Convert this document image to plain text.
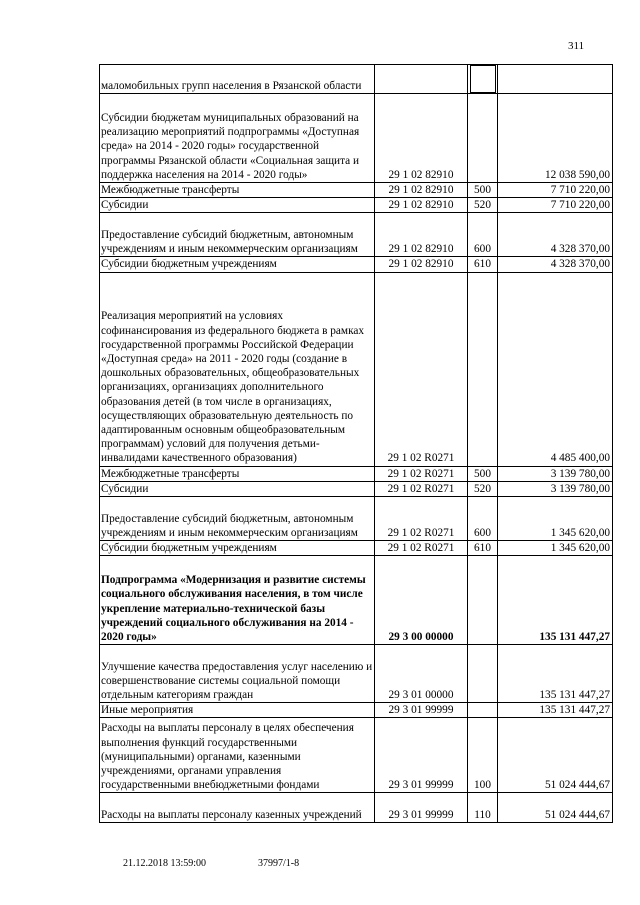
311
маломобильных групп населения в Рязанской области		

Субсидии бюджетам муниципальных образований на реализацию мероприятий подпрограммы «Доступная среда» на 2014 - 2020 годы» государственной программы Рязанской области «Социальная защита и поддержка населения на 2014 - 2020 годы»	29 1 02 82910		12 038 590,00
Межбюджетные трансферты	29 1 02 82910	500	7 710 220,00
Субсидии	29 1 02 82910	520	7 710 220,00
Предоставление субсидий бюджетным, автономным учреждениям и иным некоммерческим организациям	29 1 02 82910	600	4 328 370,00
Субсидии бюджетным учреждениям	29 1 02 82910	610	4 328 370,00
Реализация мероприятий на условиях софинансирования из федерального бюджета в рамках государственной программы Российской Федерации «Доступная среда» на 2011 - 2020 годы (создание в дошкольных образовательных, общеобразовательных организациях, организациях дополнительного образования детей (в том числе в организациях, осуществляющих образовательную деятельность по адаптированным основным общеобразовательным программам) условий для получения детьми-инвалидами качественного образования)	29 1 02 R0271		4 485 400,00
Межбюджетные трансферты	29 1 02 R0271	500	3 139 780,00
Субсидии	29 1 02 R0271	520	3 139 780,00
Предоставление субсидий бюджетным, автономным учреждениям и иным некоммерческим организациям	29 1 02 R0271	600	1 345 620,00
Субсидии бюджетным учреждениям	29 1 02 R0271	610	1 345 620,00
Подпрограмма «Модернизация и развитие системы социального обслуживания населения, в том числе укрепление материально-технической базы учреждений социального обслуживания на 2014 - 2020 годы»	29 3 00 00000		135 131 447,27
Улучшение качества предоставления услуг населению и совершенствование системы социальной помощи отдельным категориям граждан	29 3 01 00000		135 131 447,27
Иные мероприятия	29 3 01 99999		135 131 447,27
Расходы на выплаты персоналу в целях обеспечения выполнения функций государственными (муниципальными) органами, казенными учреждениями, органами управления государственными внебюджетными фондами	29 3 01 99999	100	51 024 444,67
Расходы на выплаты персоналу казенных учреждений	29 3 01 99999	110	51 024 444,67
21.12.2018 13:59:00	37997/1-8
